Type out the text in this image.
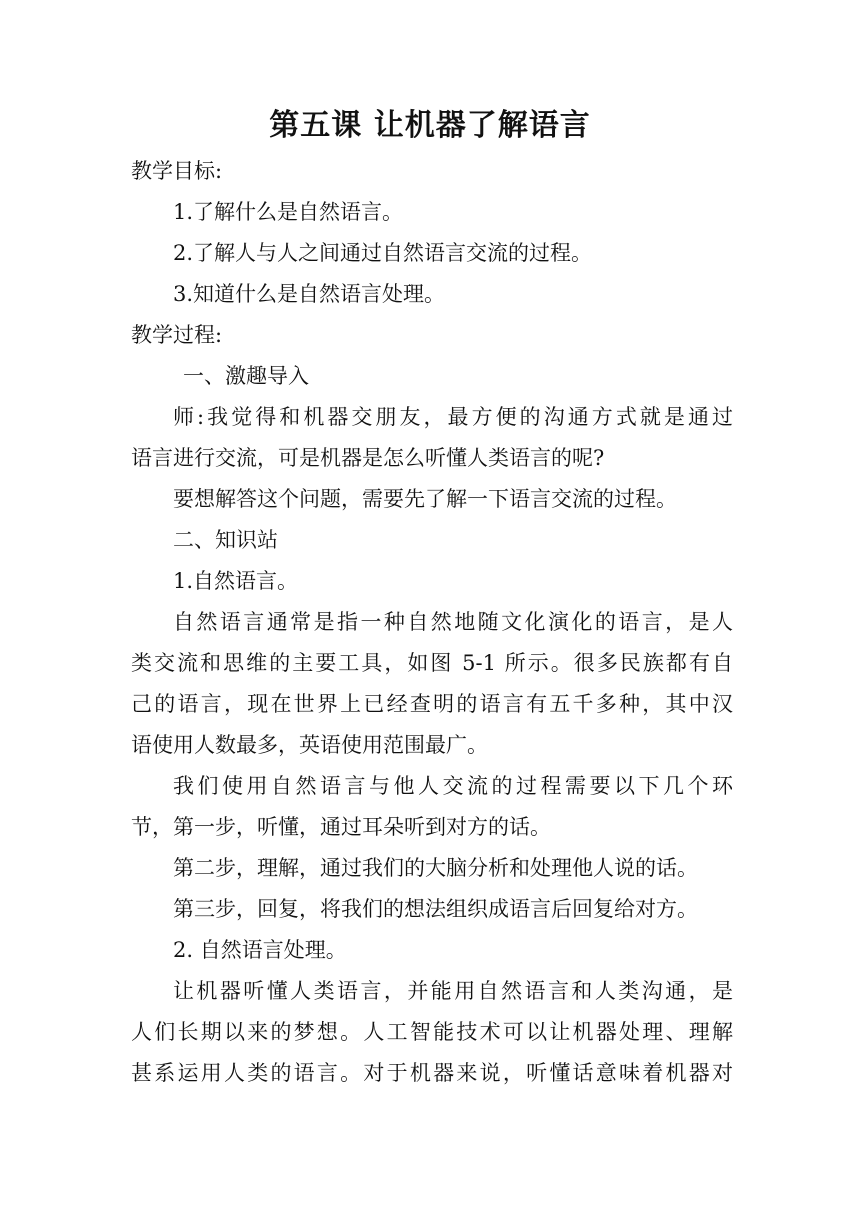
第五课 让机器了解语言
教学目标:
1.了解什么是自然语言。
2.了解人与人之间通过自然语言交流的过程。
3.知道什么是自然语言处理。
教学过程:
一、激趣导入
师:我觉得和机器交朋友，最方便的沟通方式就是通过
语言进行交流，可是机器是怎么听懂人类语言的呢?
要想解答这个问题，需要先了解一下语言交流的过程。
二、知识站
1.自然语言。
自然语言通常是指一种自然地随文化演化的语言，是人
类交流和思维的主要工具，如图 5-1 所示。很多民族都有自
己的语言，现在世界上已经查明的语言有五千多种，其中汉
语使用人数最多，英语使用范围最广。
我们使用自然语言与他人交流的过程需要以下几个环
节，第一步，听懂，通过耳朵听到对方的话。
第二步，理解，通过我们的大脑分析和处理他人说的话。
第三步，回复，将我们的想法组织成语言后回复给对方。
2. 自然语言处理。
让机器听懂人类语言，并能用自然语言和人类沟通，是
人们长期以来的梦想。人工智能技术可以让机器处理、理解
甚系运用人类的语言。对于机器来说，听懂话意味着机器对
